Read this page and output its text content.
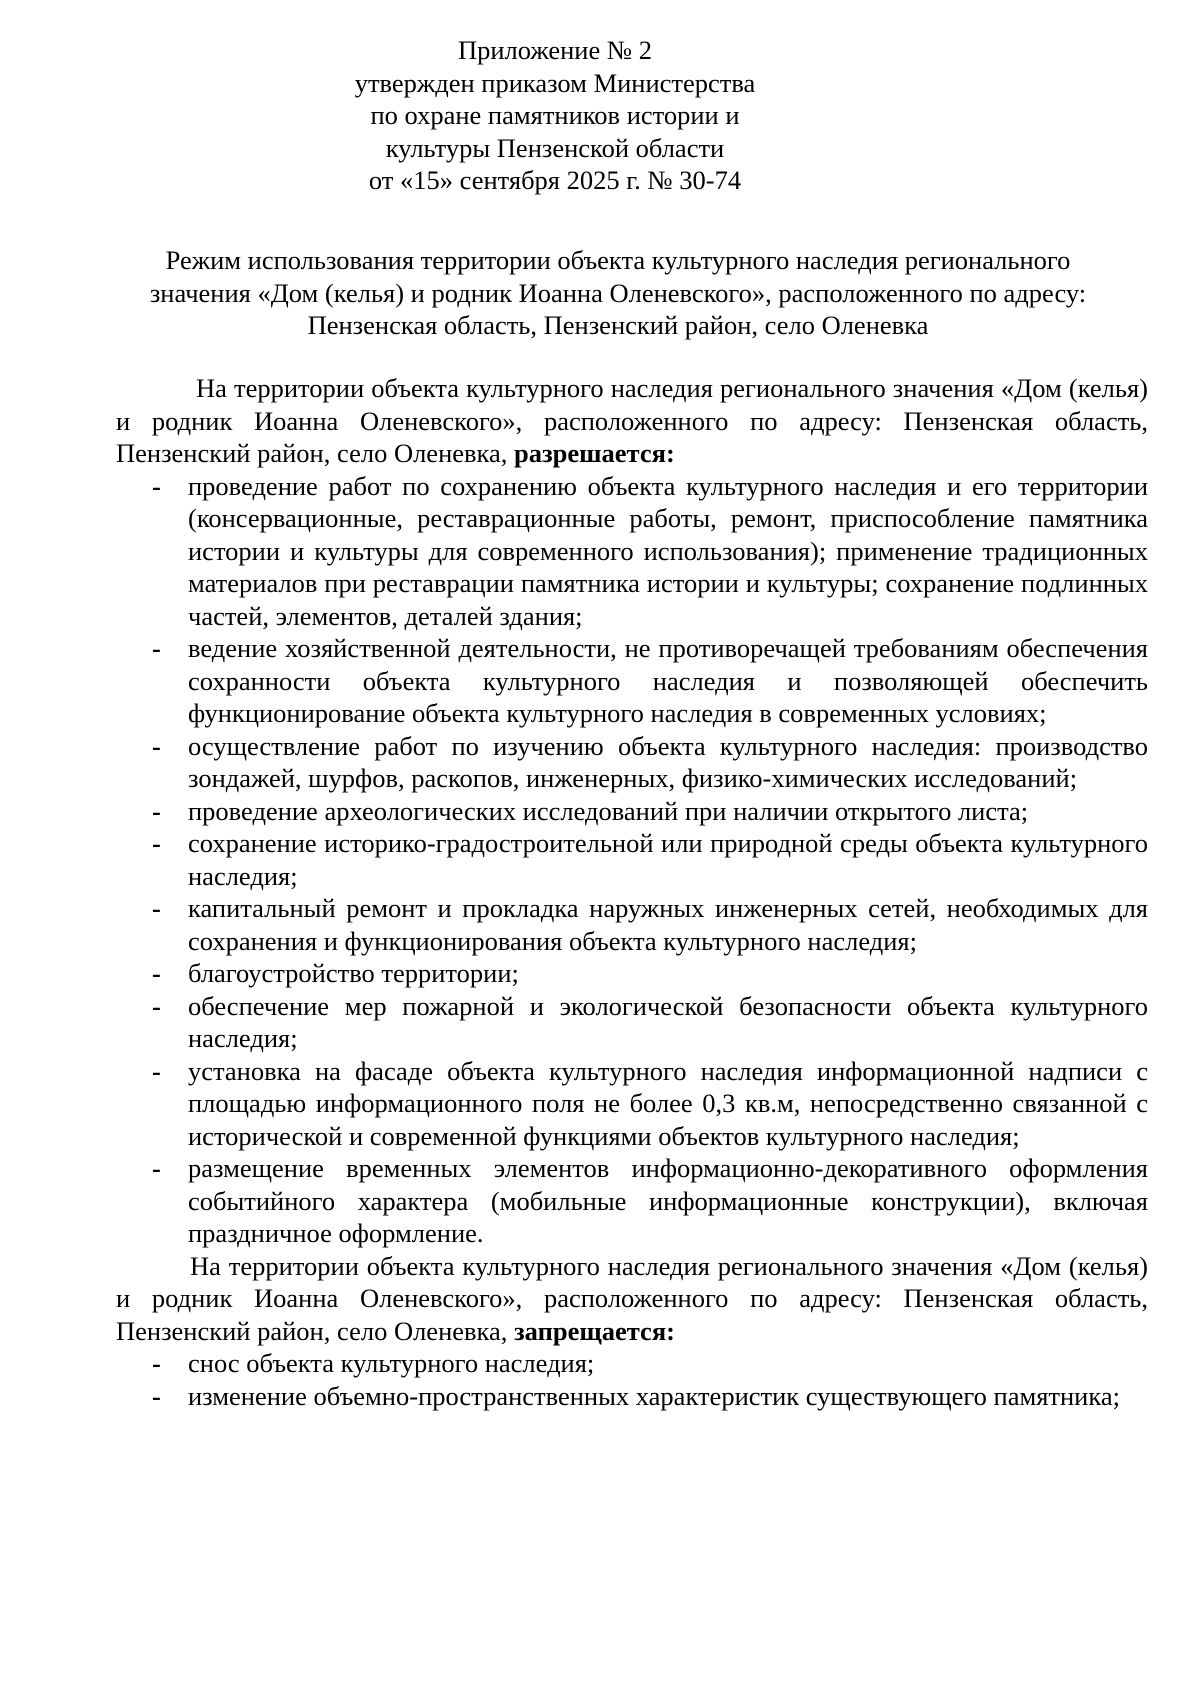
Приложение № 2
утвержден приказом Министерства
по охране памятников истории и
культуры Пензенской области
от «15» сентября 2025 г. № 30-74
Режим использования территории объекта культурного наследия регионального
значения «Дом (келья) и родник Иоанна Оленевского», расположенного по адресу:
Пензенская область, Пензенский район, село Оленевка

На территории объекта культурного наследия регионального значения «Дом (келья) и родник Иоанна Оленевского», расположенного по адресу: Пензенская область, Пензенский район, село Оленевка, разрешается:

- проведение работ по сохранению объекта культурного наследия и его территории (консервационные, реставрационные работы, ремонт, приспособление памятника истории и культуры для современного использования); применение традиционных материалов при реставрации памятника истории и культуры; сохранение подлинных частей, элементов, деталей здания;
- ведение хозяйственной деятельности, не противоречащей требованиям обеспечения сохранности объекта культурного наследия и позволяющей обеспечить функционирование объекта культурного наследия в современных условиях;
- осуществление работ по изучению объекта культурного наследия: производство зондажей, шурфов, раскопов, инженерных, физико-химических исследований;
- проведение археологических исследований при наличии открытого листа;
- сохранение историко-градостроительной или природной среды объекта культурного наследия;
- капитальный ремонт и прокладка наружных инженерных сетей, необходимых для сохранения и функционирования объекта культурного наследия;
- благоустройство территории;
- обеспечение мер пожарной и экологической безопасности объекта культурного наследия;
- установка на фасаде объекта культурного наследия информационной надписи с площадью информационного поля не более 0,3 кв.м, непосредственно связанной с исторической и современной функциями объектов культурного наследия;
- размещение временных элементов информационно-декоративного оформления событийного характера (мобильные информационные конструкции), включая праздничное оформление.

На территории объекта культурного наследия регионального значения «Дом (келья) и родник Иоанна Оленевского», расположенного по адресу: Пензенская область, Пензенский район, село Оленевка, запрещается:

- снос объекта культурного наследия;
- изменение объемно-пространственных характеристик существующего памятника;
